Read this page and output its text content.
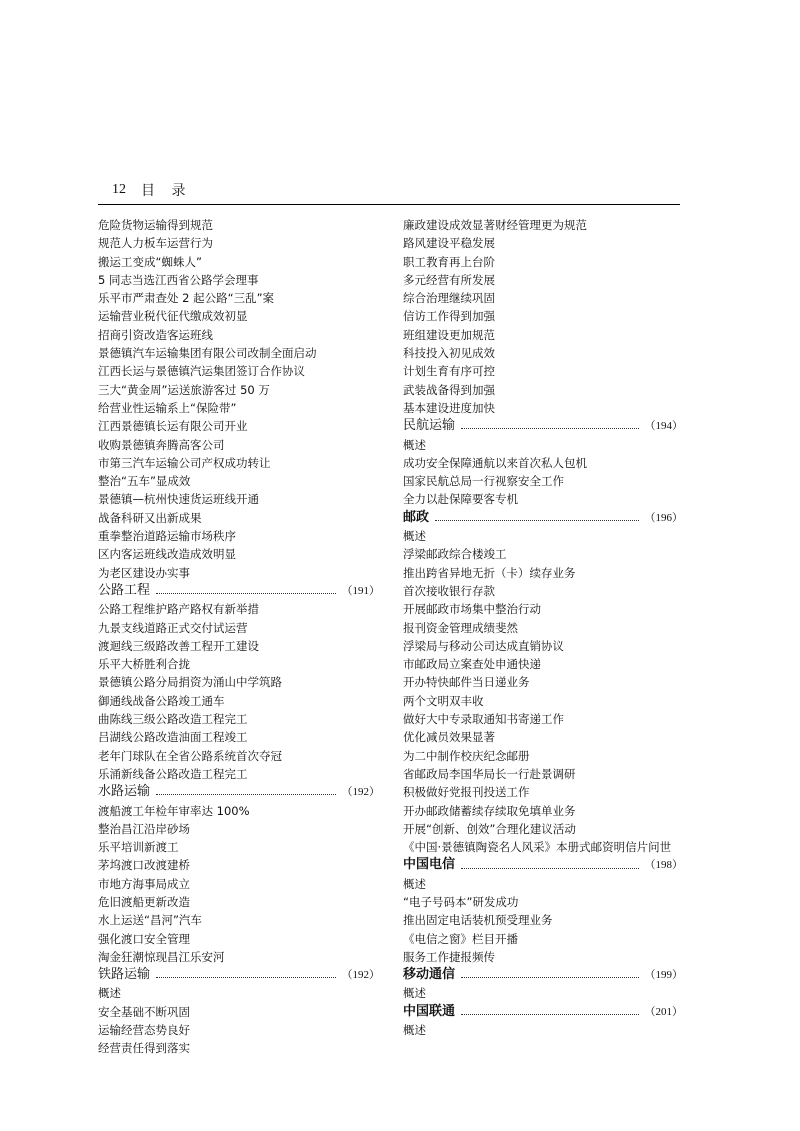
12 目 录
危险货物运输得到规范
规范人力板车运营行为
搬运工变成“蜘蛛人”
5 同志当选江西省公路学会理事
乐平市严肃查处 2 起公路“三乱”案
运输营业税代征代缴成效初显
招商引资改造客运班线
景德镇汽车运输集团有限公司改制全面启动
江西长运与景德镇汽运集团签订合作协议
三大“黄金周”运送旅游客过 50 万
给营业性运输系上“保险带”
江西景德镇长运有限公司开业
收购景德镇奔腾高客公司
市第三汽车运输公司产权成功转让
整治“五车”显成效
景德镇—杭州快速货运班线开通
战备科研又出新成果
重拳整治道路运输市场秩序
区内客运班线改造成效明显
为老区建设办实事
公路工程	（191）
公路工程维护路产路权有新举措
九景支线道路正式交付试运营
渡迴线三级路改善工程开工建设
乐平大桥胜利合拢
景德镇公路分局捐资为涌山中学筑路
御通线战备公路竣工通车
曲陈线三级公路改造工程完工
吕湖线公路改造油面工程竣工
老年门球队在全省公路系统首次夺冠
乐涌新线备公路改造工程完工
水路运输	（192）
渡船渡工年检年审率达 100%
整治昌江沿岸砂场
乐平培训新渡工
茅坞渡口改渡建桥
市地方海事局成立
危旧渡船更新改造
水上运送“昌河”汽车
强化渡口安全管理
淘金狂潮惊现昌江乐安河
铁路运输	（192）
概述
安全基础不断巩固
运输经营态势良好
经营责任得到落实
廉政建设成效显著财经管理更为规范
路风建设平稳发展
职工教育再上台阶
多元经营有所发展
综合治理继续巩固
信访工作得到加强
班组建设更加规范
科技投入初见成效
计划生育有序可控
武装战备得到加强
基本建设进度加快
民航运输	（194）
概述
成功安全保障通航以来首次私人包机
国家民航总局一行视察安全工作
全力以赴保障要客专机
邮政	（196）
概述
浮梁邮政综合楼竣工
推出跨省异地无折（卡）续存业务
首次接收银行存款
开展邮政市场集中整治行动
报刊资金管理成绩斐然
浮梁局与移动公司达成直销协议
市邮政局立案查处申通快递
开办特快邮件当日递业务
两个文明双丰收
做好大中专录取通知书寄递工作
优化减员效果显著
为二中制作校庆纪念邮册
省邮政局李国华局长一行赴景调研
积极做好党报刊投送工作
开办邮政储蓄续存续取免填单业务
开展“创新、创效”合理化建议活动
《中国·景德镇陶瓷名人风采》本册式邮资明信片问世
中国电信	（198）
概述
“电子号码本”研发成功
推出固定电话装机预受理业务
《电信之窗》栏目开播
服务工作捷报频传
移动通信	（199）
概述
中国联通	（201）
概述
